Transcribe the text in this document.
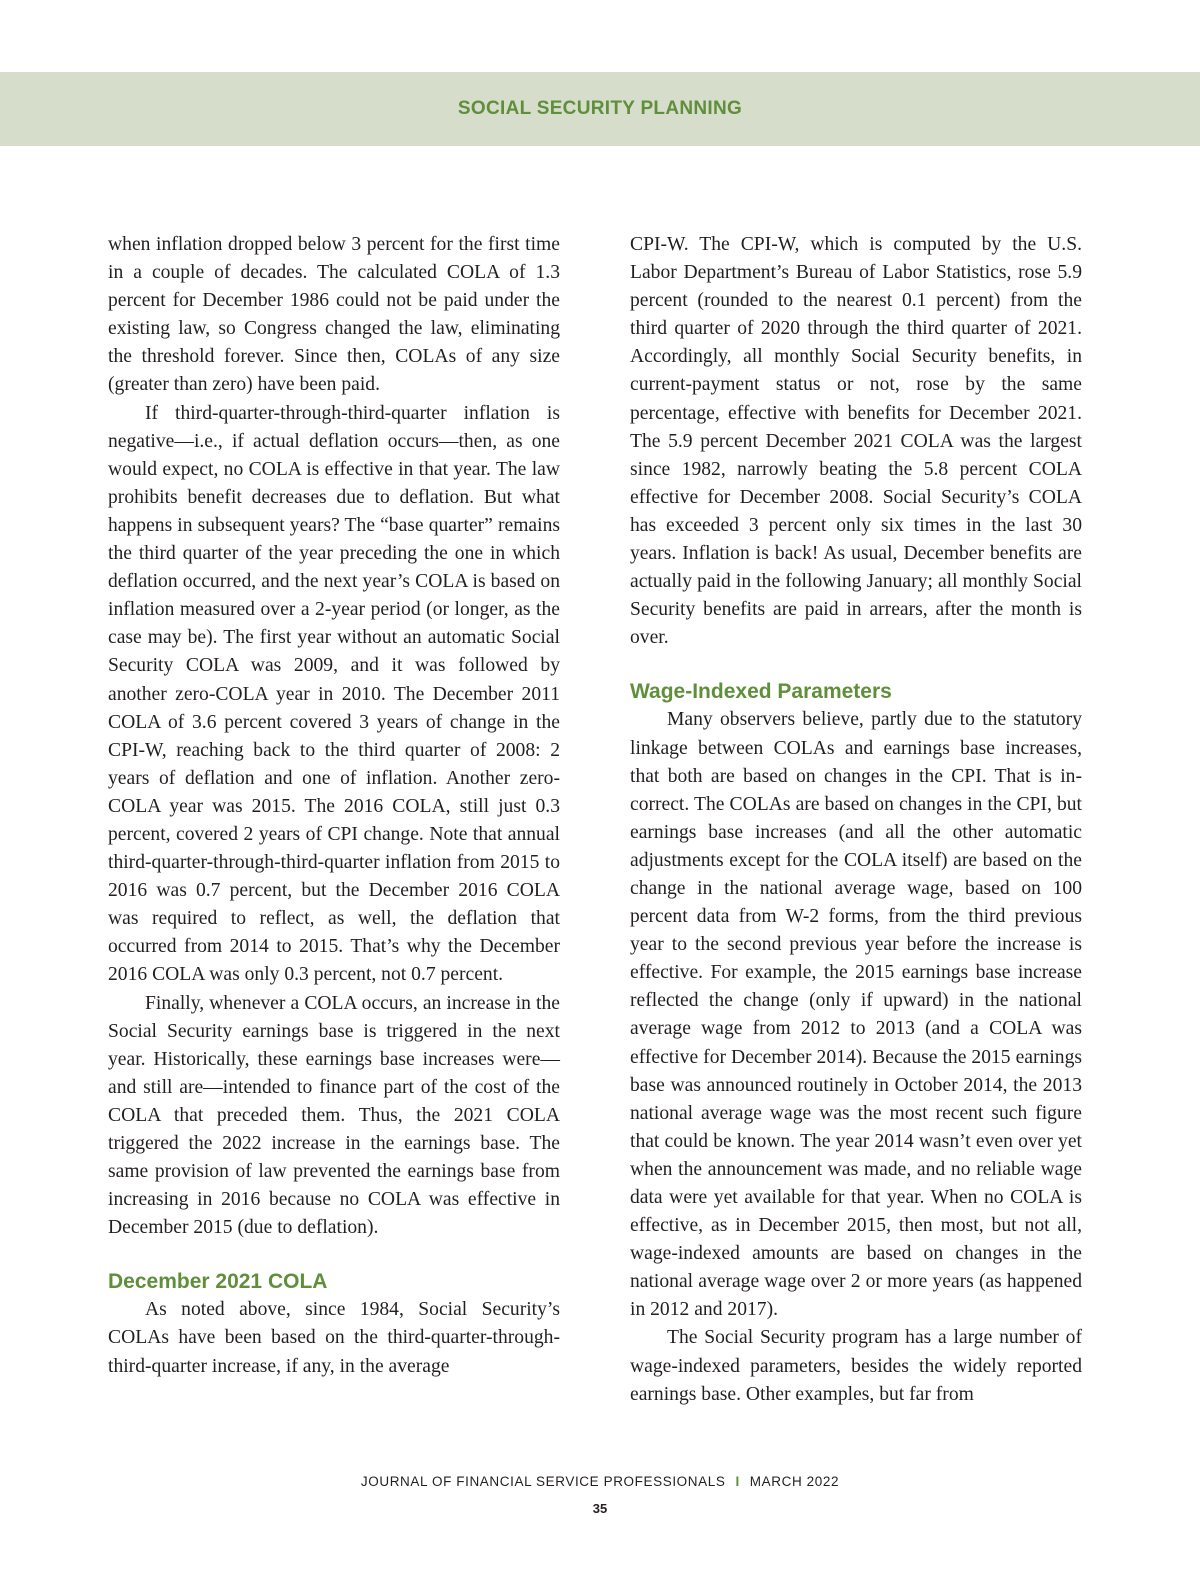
SOCIAL SECURITY PLANNING

when inflation dropped below 3 percent for the first time in a couple of decades. The calculated COLA of 1.3 percent for December 1986 could not be paid under the existing law, so Congress changed the law, eliminating the threshold forever. Since then, COLAs of any size (greater than zero) have been paid.

If third-quarter-through-third-quarter inflation is negative—i.e., if actual deflation occurs—then, as one would expect, no COLA is effective in that year. The law prohibits benefit decreases due to deflation. But what happens in subsequent years? The “base quarter” remains the third quarter of the year preceding the one in which deflation occurred, and the next year’s COLA is based on inflation measured over a 2-year period (or longer, as the case may be). The first year without an automatic Social Security COLA was 2009, and it was followed by another zero-COLA year in 2010. The December 2011 COLA of 3.6 percent covered 3 years of change in the CPI-W, reaching back to the third quarter of 2008: 2 years of deflation and one of inflation. Another zero-COLA year was 2015. The 2016 COLA, still just 0.3 percent, covered 2 years of CPI change. Note that annual third-quarter-through-third-quarter inflation from 2015 to 2016 was 0.7 percent, but the December 2016 COLA was required to reflect, as well, the deflation that occurred from 2014 to 2015. That’s why the December 2016 COLA was only 0.3 percent, not 0.7 percent.

Finally, whenever a COLA occurs, an increase in the Social Security earnings base is triggered in the next year. Historically, these earnings base increases were—and still are—intended to finance part of the cost of the COLA that preceded them. Thus, the 2021 COLA triggered the 2022 increase in the earnings base. The same provision of law prevented the earnings base from increasing in 2016 because no COLA was effective in December 2015 (due to deflation).

December 2021 COLA

As noted above, since 1984, Social Security’s COLAs have been based on the third-quarter-through-third-quarter increase, if any, in the average

CPI-W. The CPI-W, which is computed by the U.S. Labor Department’s Bureau of Labor Statistics, rose 5.9 percent (rounded to the nearest 0.1 percent) from the third quarter of 2020 through the third quarter of 2021. Accordingly, all monthly Social Security benefits, in current-payment status or not, rose by the same percentage, effective with benefits for December 2021. The 5.9 percent December 2021 COLA was the largest since 1982, narrowly beating the 5.8 percent COLA effective for December 2008. Social Security’s COLA has exceeded 3 percent only six times in the last 30 years. Inflation is back! As usual, December benefits are actually paid in the following January; all monthly Social Security benefits are paid in arrears, after the month is over.

Wage-Indexed Parameters

Many observers believe, partly due to the statutory linkage between COLAs and earnings base increases, that both are based on changes in the CPI. That is incorrect. The COLAs are based on changes in the CPI, but earnings base increases (and all the other automatic adjustments except for the COLA itself) are based on the change in the national average wage, based on 100 percent data from W-2 forms, from the third previous year to the second previous year before the increase is effective. For example, the 2015 earnings base increase reflected the change (only if upward) in the national average wage from 2012 to 2013 (and a COLA was effective for December 2014). Because the 2015 earnings base was announced routinely in October 2014, the 2013 national average wage was the most recent such figure that could be known. The year 2014 wasn’t even over yet when the announcement was made, and no reliable wage data were yet available for that year. When no COLA is effective, as in December 2015, then most, but not all, wage-indexed amounts are based on changes in the national average wage over 2 or more years (as happened in 2012 and 2017).

The Social Security program has a large number of wage-indexed parameters, besides the widely reported earnings base. Other examples, but far from

JOURNAL OF FINANCIAL SERVICE PROFESSIONALS I MARCH 2022
35
